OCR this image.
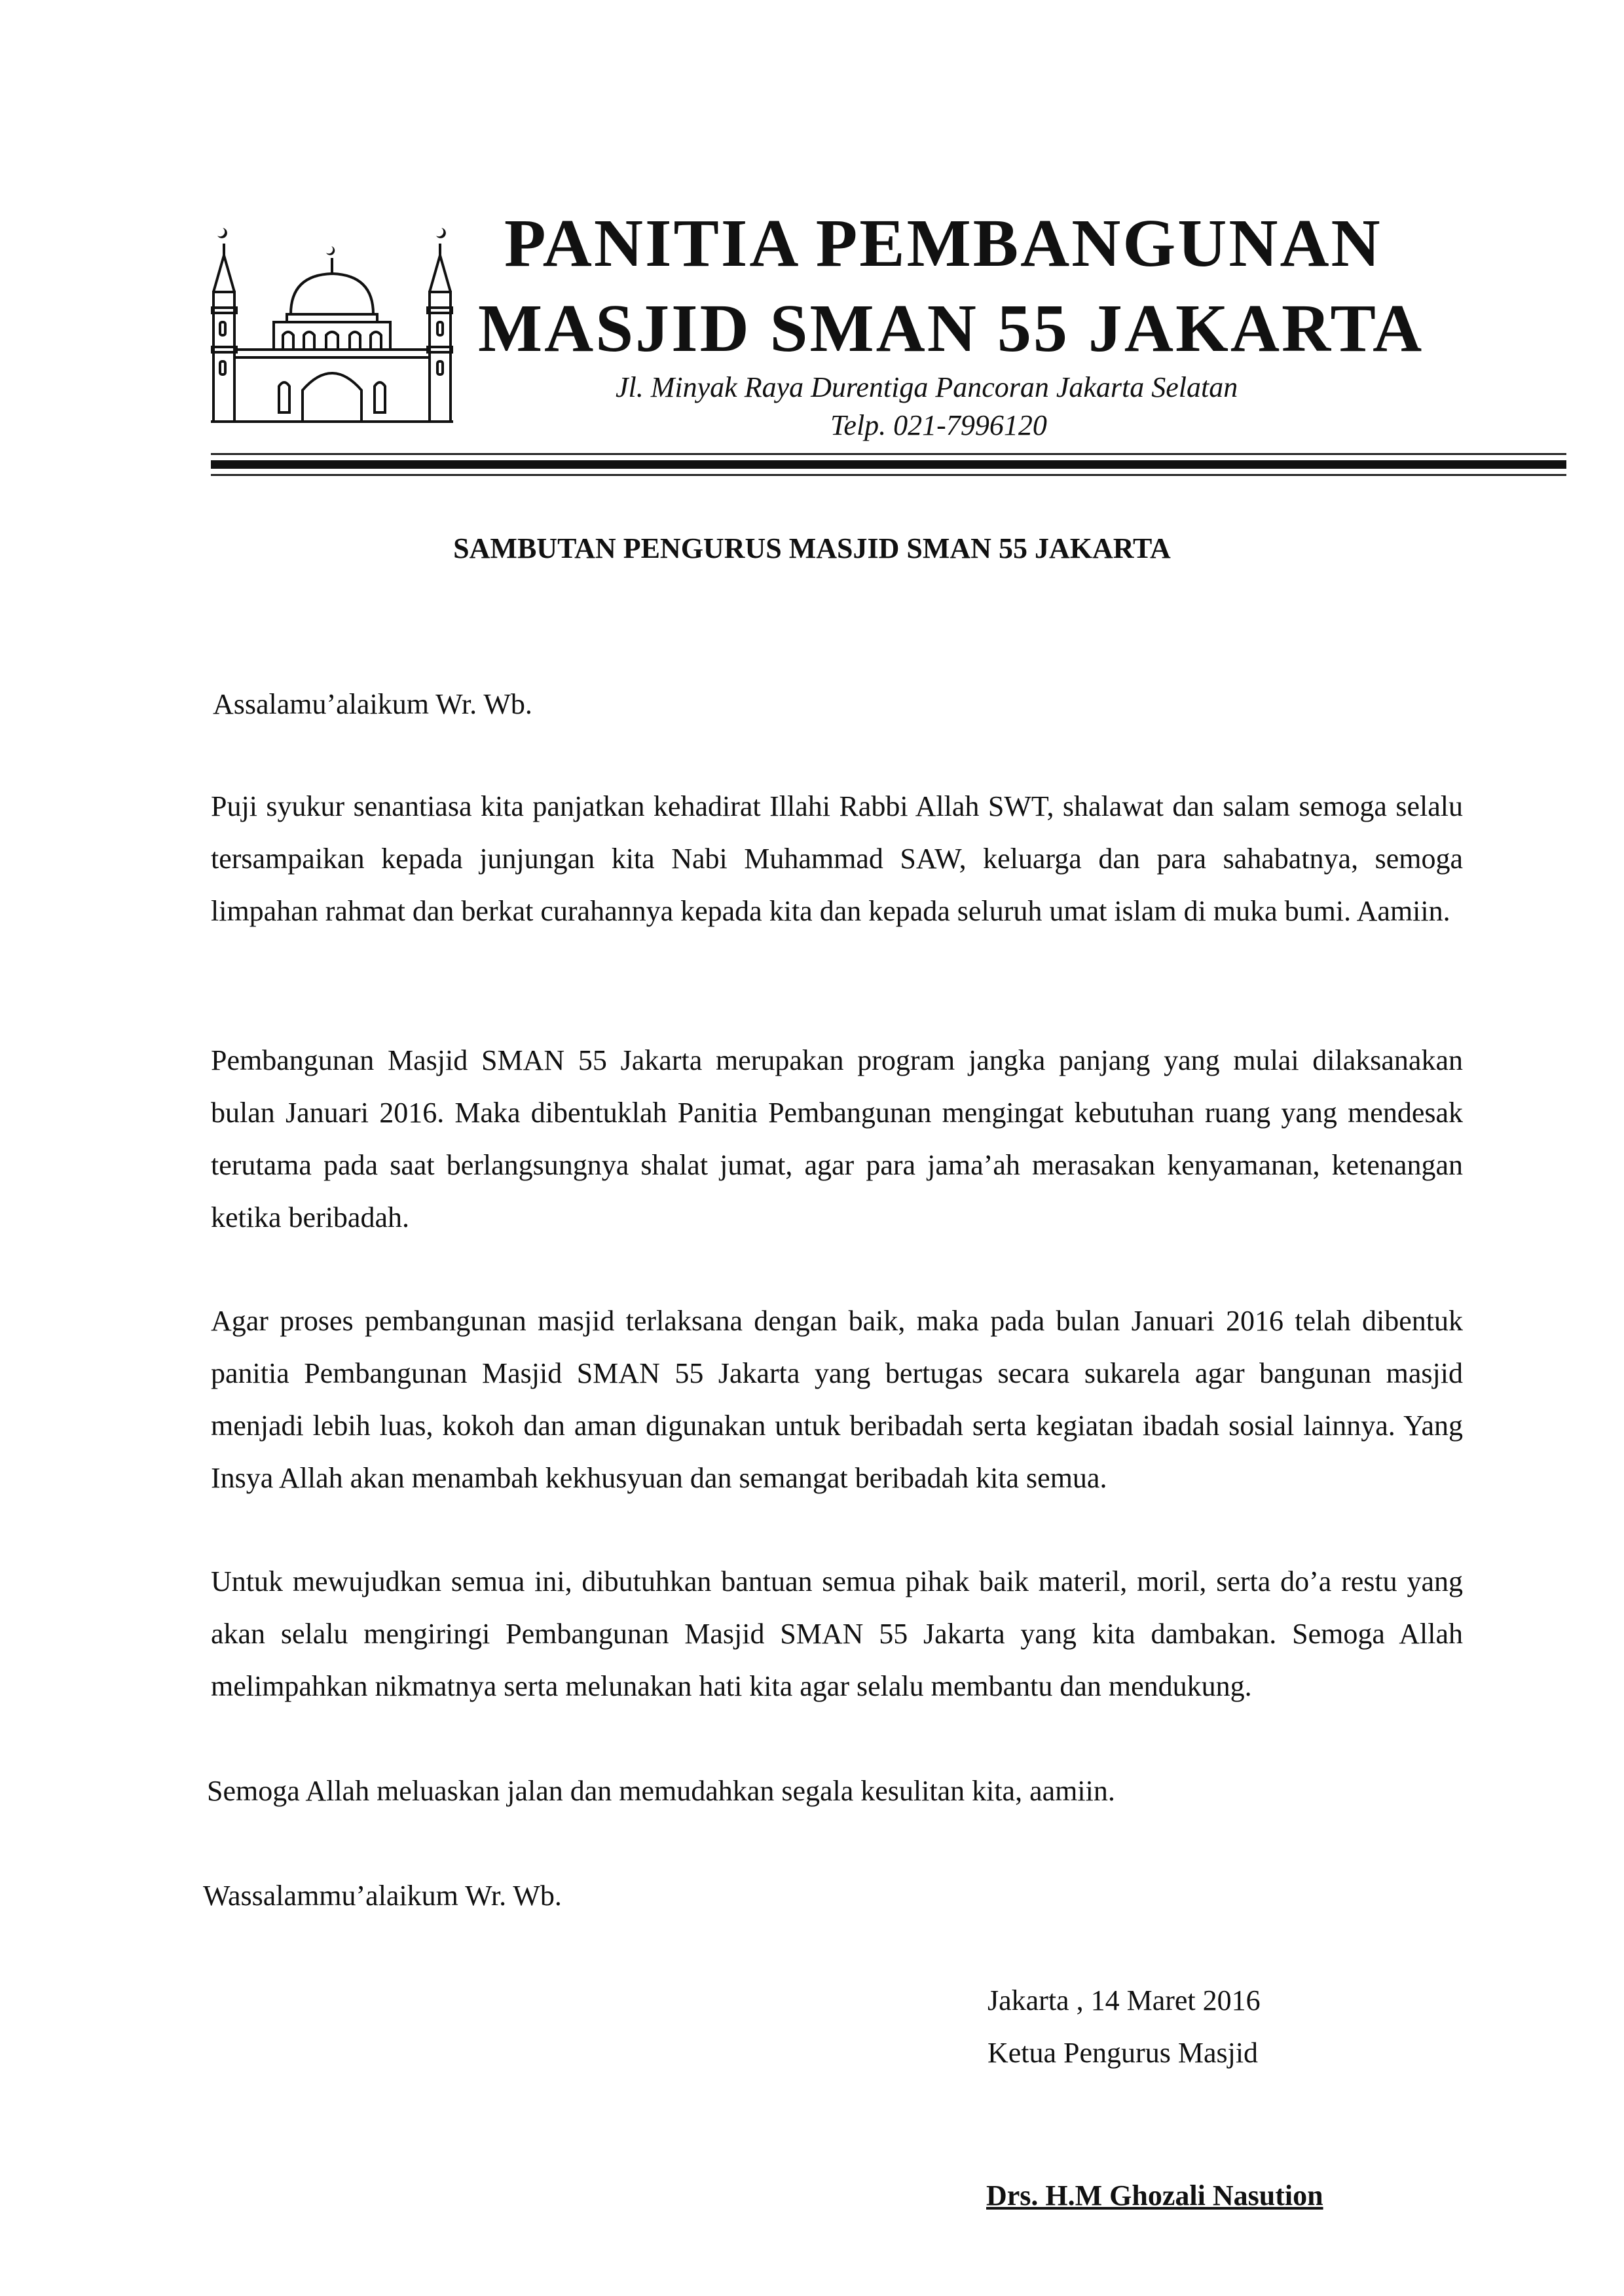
PANITIA PEMBANGUNAN
MASJID SMAN 55 JAKARTA
Jl. Minyak Raya Durentiga Pancoran Jakarta Selatan
Telp. 021-7996120
SAMBUTAN PENGURUS MASJID SMAN 55 JAKARTA
Assalamu’alaikum Wr. Wb.

Puji syukur senantiasa kita panjatkan kehadirat Illahi Rabbi Allah SWT, shalawat dan salam semoga selalu tersampaikan kepada junjungan kita Nabi Muhammad SAW, keluarga dan para sahabatnya, semoga limpahan rahmat dan berkat curahannya kepada kita dan kepada seluruh umat islam di muka bumi. Aamiin.

Pembangunan Masjid SMAN 55 Jakarta merupakan program jangka panjang yang mulai dilaksanakan bulan Januari 2016. Maka dibentuklah Panitia Pembangunan mengingat kebutuhan ruang yang mendesak terutama pada saat berlangsungnya shalat jumat, agar para jama’ah merasakan kenyamanan, ketenangan ketika beribadah.

Agar proses pembangunan masjid terlaksana dengan baik, maka pada bulan Januari 2016 telah dibentuk panitia Pembangunan Masjid SMAN 55 Jakarta yang bertugas secara sukarela agar bangunan masjid menjadi lebih luas, kokoh dan aman digunakan untuk beribadah serta kegiatan ibadah sosial lainnya. Yang Insya Allah akan menambah kekhusyuan dan semangat beribadah kita semua.

Untuk mewujudkan semua ini, dibutuhkan bantuan semua pihak baik materil, moril, serta do’a restu yang akan selalu mengiringi Pembangunan Masjid SMAN 55 Jakarta yang kita dambakan. Semoga Allah melimpahkan nikmatnya serta melunakan hati kita agar selalu membantu dan mendukung.

Semoga Allah meluaskan jalan dan memudahkan segala kesulitan kita, aamiin.
Wassalammu’alaikum Wr. Wb.
Jakarta , 14 Maret 2016
Ketua Pengurus Masjid
Drs. H.M Ghozali Nasution
